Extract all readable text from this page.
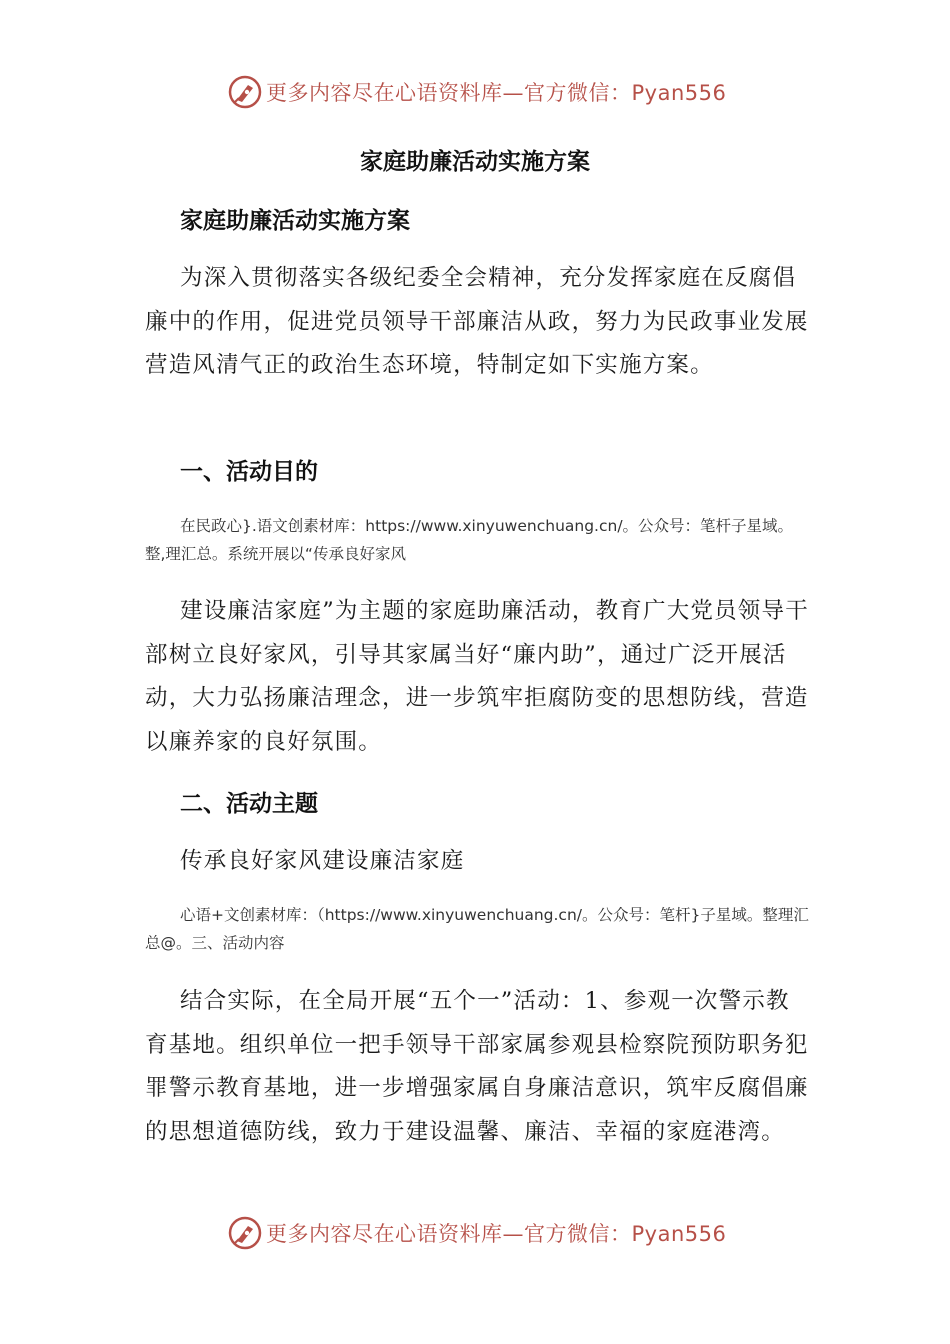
更多内容尽在心语资料库—官方微信：Pyan556
家庭助廉活动实施方案
家庭助廉活动实施方案

为深入贯彻落实各级纪委全会精神，充分发挥家庭在反腐倡廉中的作用，促进党员领导干部廉洁从政，努力为民政事业发展营造风清气正的政治生态环境，特制定如下实施方案。

一、活动目的

在民政心}.语文创素材库：https://www.xinyuwenchuang.cn/。公众号：笔杆子星域。整,理汇总。系统开展以“传承良好家风

建设廉洁家庭”为主题的家庭助廉活动，教育广大党员领导干部树立良好家风，引导其家属当好“廉内助”，通过广泛开展活动，大力弘扬廉洁理念，进一步筑牢拒腐防变的思想防线，营造以廉养家的良好氛围。

二、活动主题
传承良好家风建设廉洁家庭

心语+文创素材库：（https://www.xinyuwenchuang.cn/。公众号：笔杆}子星域。整理汇总@。三、活动内容

结合实际，在全局开展“五个一”活动：1、参观一次警示教育基地。组织单位一把手领导干部家属参观县检察院预防职务犯罪警示教育基地，进一步增强家属自身廉洁意识，筑牢反腐倡廉的思想道德防线，致力于建设温馨、廉洁、幸福的家庭港湾。

更多内容尽在心语资料库—官方微信：Pyan556
